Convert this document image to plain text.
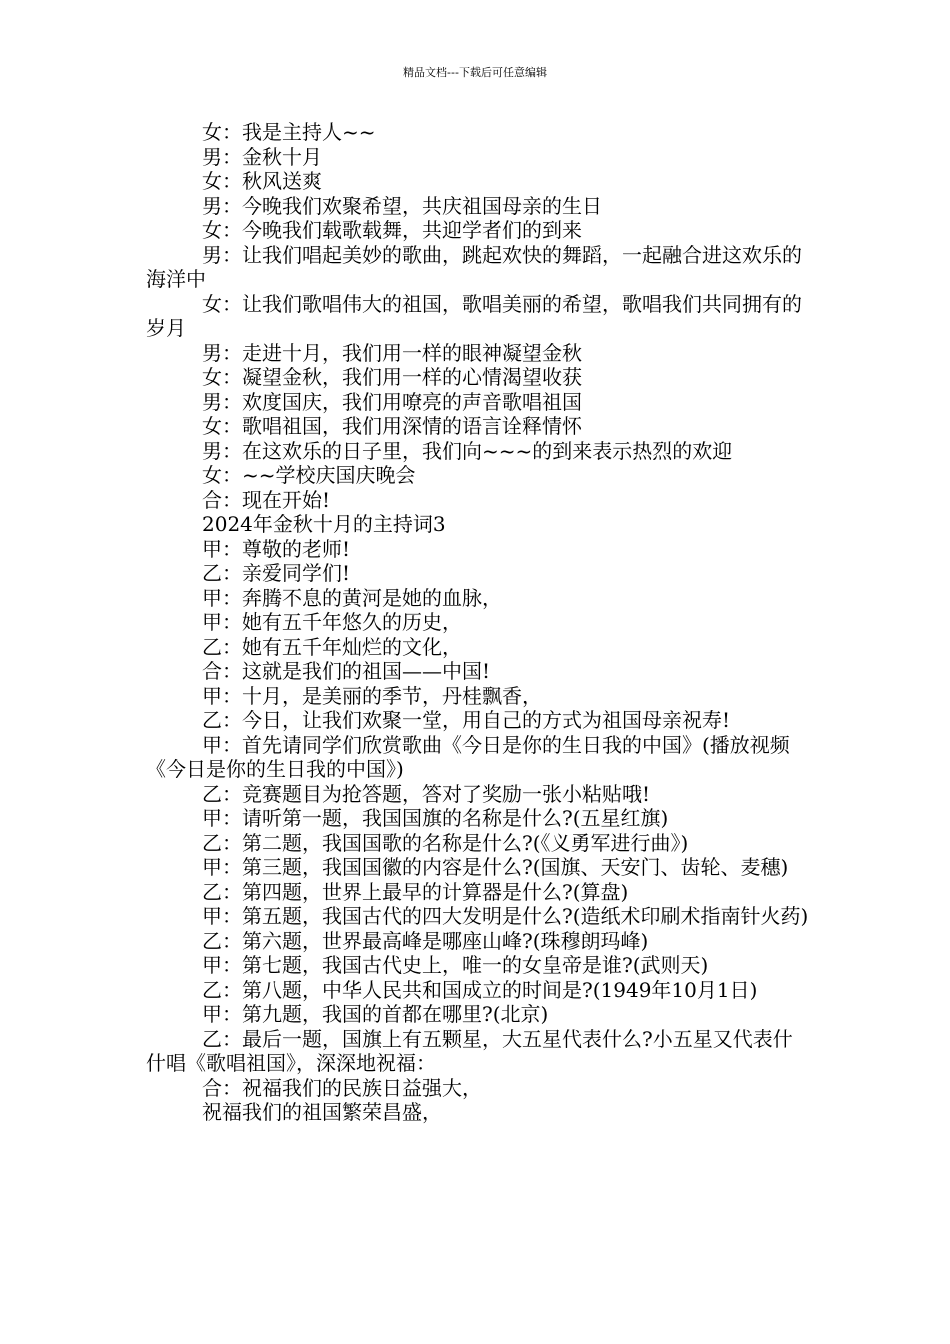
精品文档---下载后可任意编辑

女：我是主持人~~

男：金秋十月

女：秋风送爽

男：今晚我们欢聚希望，共庆祖国母亲的生日

女：今晚我们载歌载舞，共迎学者们的到来

男：让我们唱起美妙的歌曲，跳起欢快的舞蹈，一起融合进这欢乐的海洋中

女：让我们歌唱伟大的祖国，歌唱美丽的希望，歌唱我们共同拥有的岁月

男：走进十月，我们用一样的眼神凝望金秋

女：凝望金秋，我们用一样的心情渴望收获

男：欢度国庆，我们用嘹亮的声音歌唱祖国

女：歌唱祖国，我们用深情的语言诠释情怀

男：在这欢乐的日子里，我们向~~~的到来表示热烈的欢迎

女：~~学校庆国庆晚会

合：现在开始!

2024年金秋十月的主持词3

甲：尊敬的老师!

乙：亲爱同学们!

甲：奔腾不息的黄河是她的血脉，

甲：她有五千年悠久的历史，

乙：她有五千年灿烂的文化，

合：这就是我们的祖国——中国!

甲：十月，是美丽的季节，丹桂飘香，

乙：今日，让我们欢聚一堂，用自己的方式为祖国母亲祝寿!

甲：首先请同学们欣赏歌曲《今日是你的生日我的中国》(播放视频《今日是你的生日我的中国》)

乙：竞赛题目为抢答题，答对了奖励一张小粘贴哦!

甲：请听第一题，我国国旗的名称是什么?(五星红旗)

乙：第二题，我国国歌的名称是什么?(《义勇军进行曲》)

甲：第三题，我国国徽的内容是什么?(国旗、天安门、齿轮、麦穗)

乙：第四题，世界上最早的计算器是什么?(算盘)

甲：第五题，我国古代的四大发明是什么?(造纸术印刷术指南针火药)

乙：第六题，世界最高峰是哪座山峰?(珠穆朗玛峰)

甲：第七题，我国古代史上，唯一的女皇帝是谁?(武则天)

乙：第八题，中华人民共和国成立的时间是?(1949年10月1日)

甲：第九题，我国的首都在哪里?(北京)

乙：最后一题，国旗上有五颗星，大五星代表什么?小五星又代表什什唱《歌唱祖国》，深深地祝福：

合：祝福我们的民族日益强大，

祝福我们的祖国繁荣昌盛，
